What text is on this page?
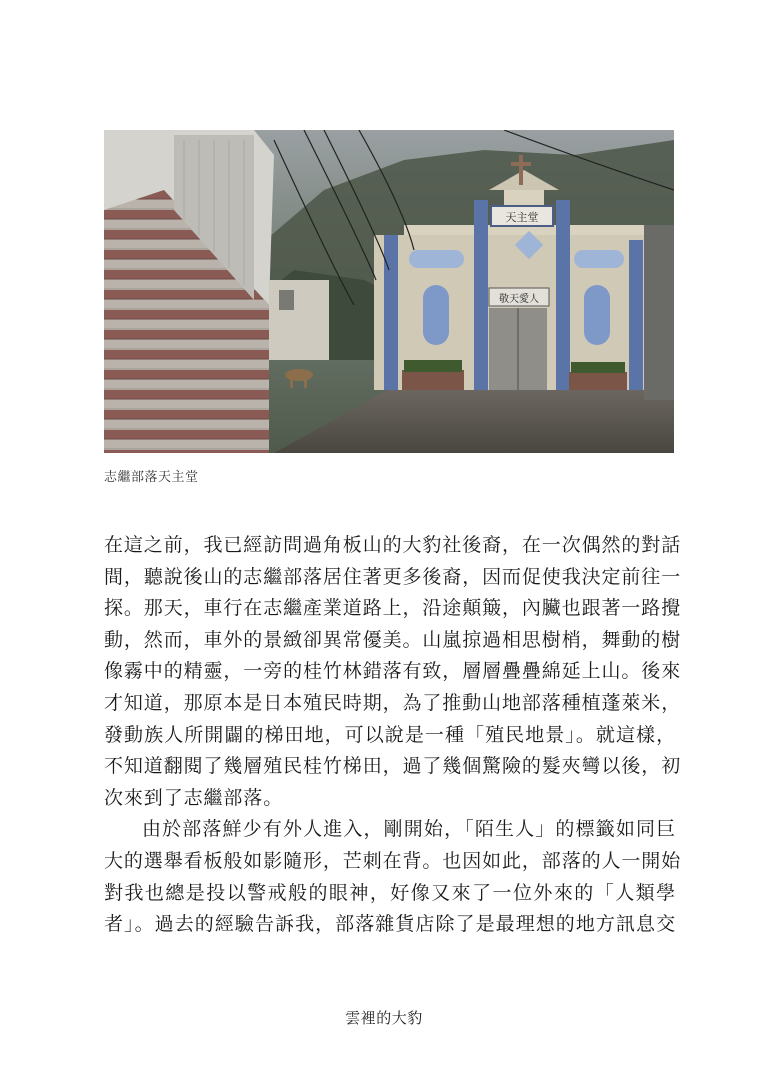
天主堂
敬天愛人
志繼部落天主堂
在這之前，我已經訪問過角板山的大豹社後裔，在一次偶然的對話
間，聽說後山的志繼部落居住著更多後裔，因而促使我決定前往一
探。那天，車行在志繼產業道路上，沿途顛簸，內臟也跟著一路攪
動，然而，車外的景緻卻異常優美。山嵐掠過相思樹梢，舞動的樹
像霧中的精靈，一旁的桂竹林錯落有致，層層疊疊綿延上山。後來
才知道，那原本是日本殖民時期，為了推動山地部落種植蓬萊米，
發動族人所開闢的梯田地，可以說是一種「殖民地景」。就這樣，
不知道翻閱了幾層殖民桂竹梯田，過了幾個驚險的髮夾彎以後，初
次來到了志繼部落。
由於部落鮮少有外人進入，剛開始，「陌生人」的標籤如同巨
大的選舉看板般如影隨形，芒刺在背。也因如此，部落的人一開始
對我也總是投以警戒般的眼神，好像又來了一位外來的「人類學
者」。過去的經驗告訴我，部落雜貨店除了是最理想的地方訊息交
雲裡的大豹
